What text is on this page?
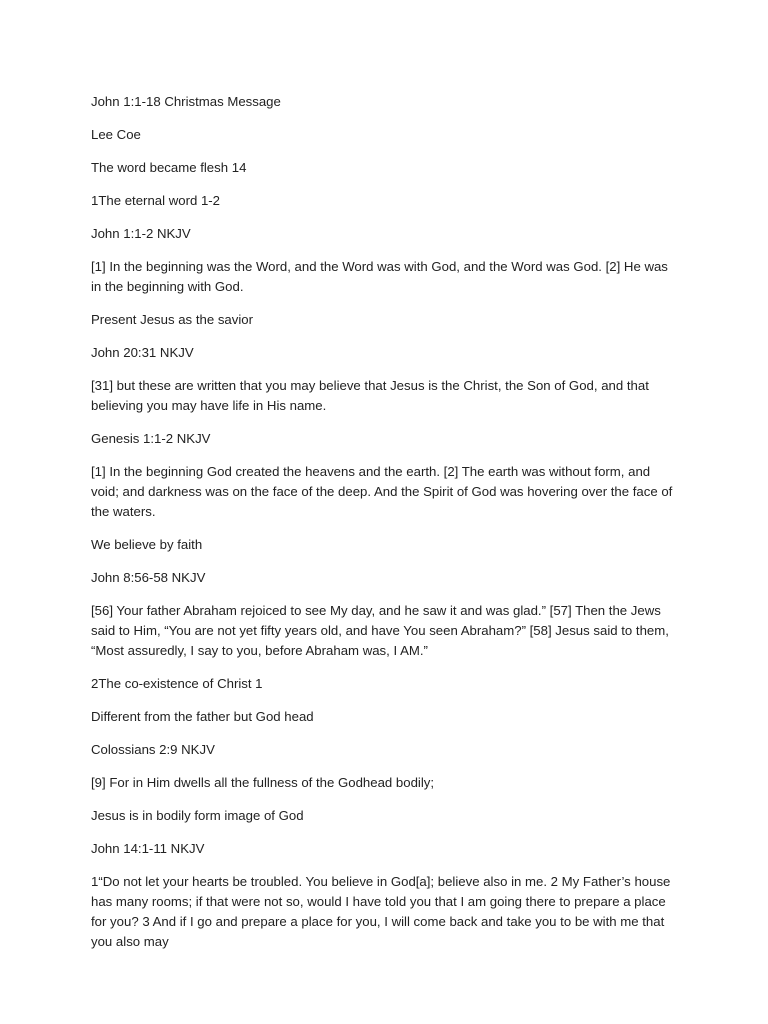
John 1:1-18 Christmas Message

Lee Coe

The word became flesh 14

1The eternal word 1-2

John 1:1-2 NKJV

[1] In the beginning was the Word, and the Word was with God, and the Word was God. [2] He was in the beginning with God.

Present Jesus as the savior

John 20:31 NKJV

[31] but these are written that you may believe that Jesus is the Christ, the Son of God, and that believing you may have life in His name.

Genesis 1:1-2 NKJV

[1] In the beginning God created the heavens and the earth. [2] The earth was without form, and void; and darkness was on the face of the deep. And the Spirit of God was hovering over the face of the waters.

We believe by faith

John 8:56-58 NKJV

[56] Your father Abraham rejoiced to see My day, and he saw it and was glad.” [57] Then the Jews said to Him, “You are not yet fifty years old, and have You seen Abraham?” [58] Jesus said to them, “Most assuredly, I say to you, before Abraham was, I AM.”

2The co-existence of Christ 1

Different from the father but God head

Colossians 2:9 NKJV

[9] For in Him dwells all the fullness of the Godhead bodily;

Jesus is in bodily form image of God

John 14:1-11 NKJV

1“Do not let your hearts be troubled. You believe in God[a]; believe also in me. 2 My Father’s house has many rooms; if that were not so, would I have told you that I am going there to prepare a place for you? 3 And if I go and prepare a place for you, I will come back and take you to be with me that you also may
